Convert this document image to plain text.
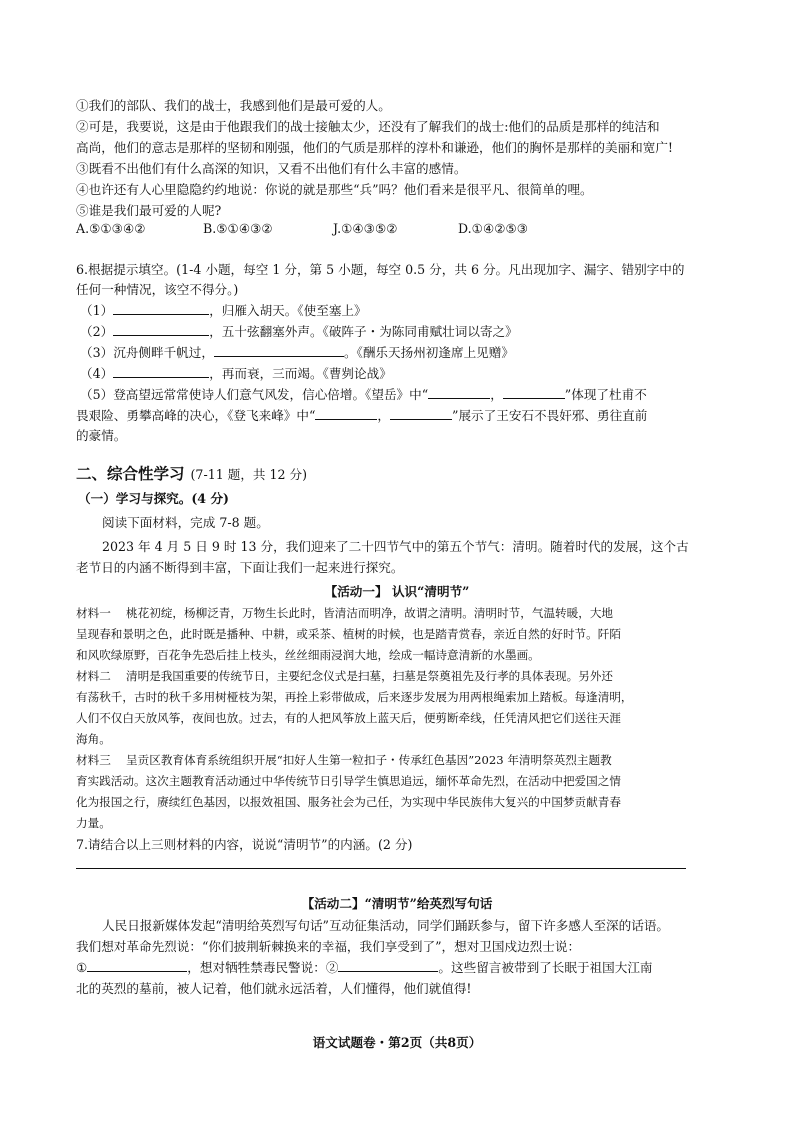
①我们的部队、我们的战士，我感到他们是最可爱的人。
②可是，我要说，这是由于他跟我们的战士接触太少，还没有了解我们的战士:他们的品质是那样的纯洁和
高尚，他们的意志是那样的坚韧和刚强，他们的气质是那样的淳朴和谦逊，他们的胸怀是那样的美丽和宽广!
③既看不出他们有什么高深的知识，又看不出他们有什么丰富的感情。
④也许还有人心里隐隐约约地说：你说的就是那些“兵”吗？他们看来是很平凡、很简单的哩。
⑤谁是我们最可爱的人呢?
A.⑤①③④②	B.⑤①④③②	J.①④③⑤②	D.①④②⑤③
6.根据提示填空。(1-4 小题，每空 1 分，第 5 小题，每空 0.5 分，共 6 分。凡出现加字、漏字、错别字中的
任何一种情况，该空不得分。)
（1）	，归雁入胡天。《使至塞上》
（2）	，五十弦翻塞外声。《破阵子・为陈同甫赋壮词以寄之》
（3）沉舟侧畔千帆过，	。《酬乐天扬州初逢席上见赠》
（4）	，再而衰，三而竭。《曹刿论战》
（5）登高望远常常使诗人们意气风发，信心倍增。《望岳》中“	，	”体现了杜甫不
畏艰险、勇攀高峰的决心，《登飞来峰》中“	，	”展示了王安石不畏奸邪、勇往直前
的豪情。
二、综合性学习 (7-11 题，共 12 分)
（一）学习与探究。(4 分)
阅读下面材料，完成 7-8 题。
2023 年 4 月 5 日 9 时 13 分，我们迎来了二十四节气中的第五个节气：清明。随着时代的发展，这个古
老节日的内涵不断得到丰富，下面让我们一起来进行探究。
【活动一】 认识“清明节”
材料一　 桃花初绽，杨柳泛青，万物生长此时，皆清洁而明净，故谓之清明。清明时节，气温转暖，大地
呈现春和景明之色，此时既是播种、中耕，或采茶、植树的时候，也是踏青赏春，亲近自然的好时节。阡陌
和风吹绿原野，百花争先恐后挂上枝头，丝丝细雨浸润大地，绘成一幅诗意清新的水墨画。
材料二　 清明是我国重要的传统节日，主要纪念仪式是扫墓，扫墓是祭奠祖先及行孝的具体表现。另外还
有荡秋千，古时的秋千多用树桠枝为架，再拴上彩带做成，后来逐步发展为用两根绳索加上踏板。每逢清明，
人们不仅白天放风筝，夜间也放。过去，有的人把风筝放上蓝天后，便剪断牵线，任凭清风把它们送往天涯
海角。
材料三　 呈贡区教育体育系统组织开展“扣好人生第一粒扣子・传承红色基因”2023 年清明祭英烈主题教
育实践活动。这次主题教育活动通过中华传统节日引导学生慎思追远，缅怀革命先烈，在活动中把爱国之情
化为报国之行，赓续红色基因，以报效祖国、服务社会为己任，为实现中华民族伟大复兴的中国梦贡献青春
力量。
7.请结合以上三则材料的内容，说说“清明节”的内涵。(2 分)
【活动二】“清明节”给英烈写句话
人民日报新媒体发起“清明给英烈写句话”互动征集活动，同学们踊跃参与，留下许多感人至深的话语。
我们想对革命先烈说：“你们披荆斩棘换来的幸福，我们享受到了”，想对卫国戍边烈士说：
①	，想对牺牲禁毒民警说：②	。这些留言被带到了长眠于祖国大江南
北的英烈的墓前，被人记着，他们就永远活着，人们懂得，他们就值得!
语文试题卷・第2页（共8页）
